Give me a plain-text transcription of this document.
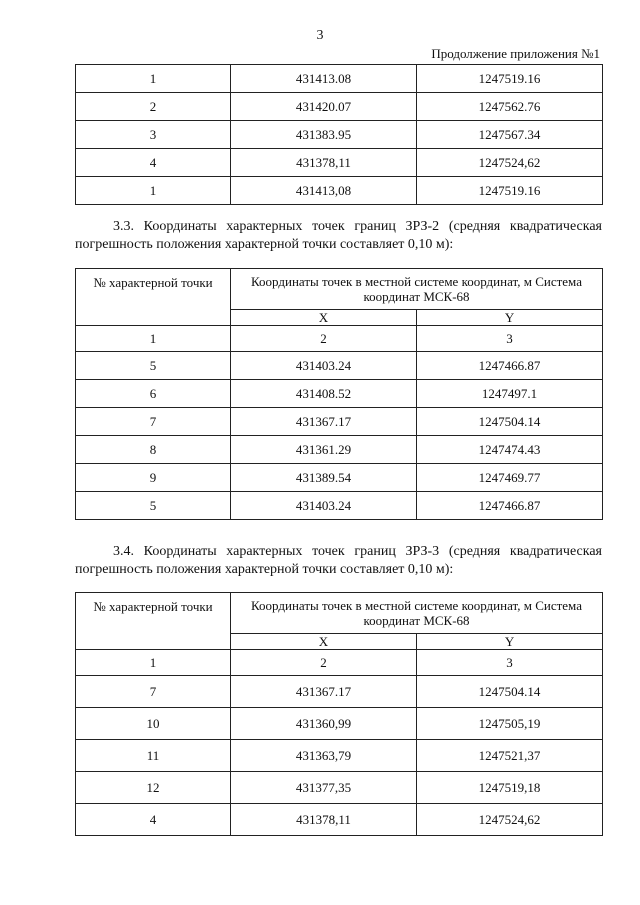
3
Продолжение приложения №1
1	431413.08	1247519.16
2	431420.07	1247562.76
3	431383.95	1247567.34
4	431378,11	1247524,62
1	431413,08	1247519.16
3.3. Координаты характерных точек границ ЗРЗ-2 (средняя квадратическая погрешность положения характерной точки составляет 0,10 м):
№ характерной точки	Координаты точек в местной системе координат, м Система координат МСК-68	
	X	Y
1	2	3
5	431403.24	1247466.87
6	431408.52	1247497.1
7	431367.17	1247504.14
8	431361.29	1247474.43
9	431389.54	1247469.77
5	431403.24	1247466.87
3.4. Координаты характерных точек границ ЗРЗ-3 (средняя квадратическая погрешность положения характерной точки составляет 0,10 м):
№ характерной точки	Координаты точек в местной системе координат, м Система координат МСК-68	
	X	Y
1	2	3
7	431367.17	1247504.14
10	431360,99	1247505,19
11	431363,79	1247521,37
12	431377,35	1247519,18
4	431378,11	1247524,62
